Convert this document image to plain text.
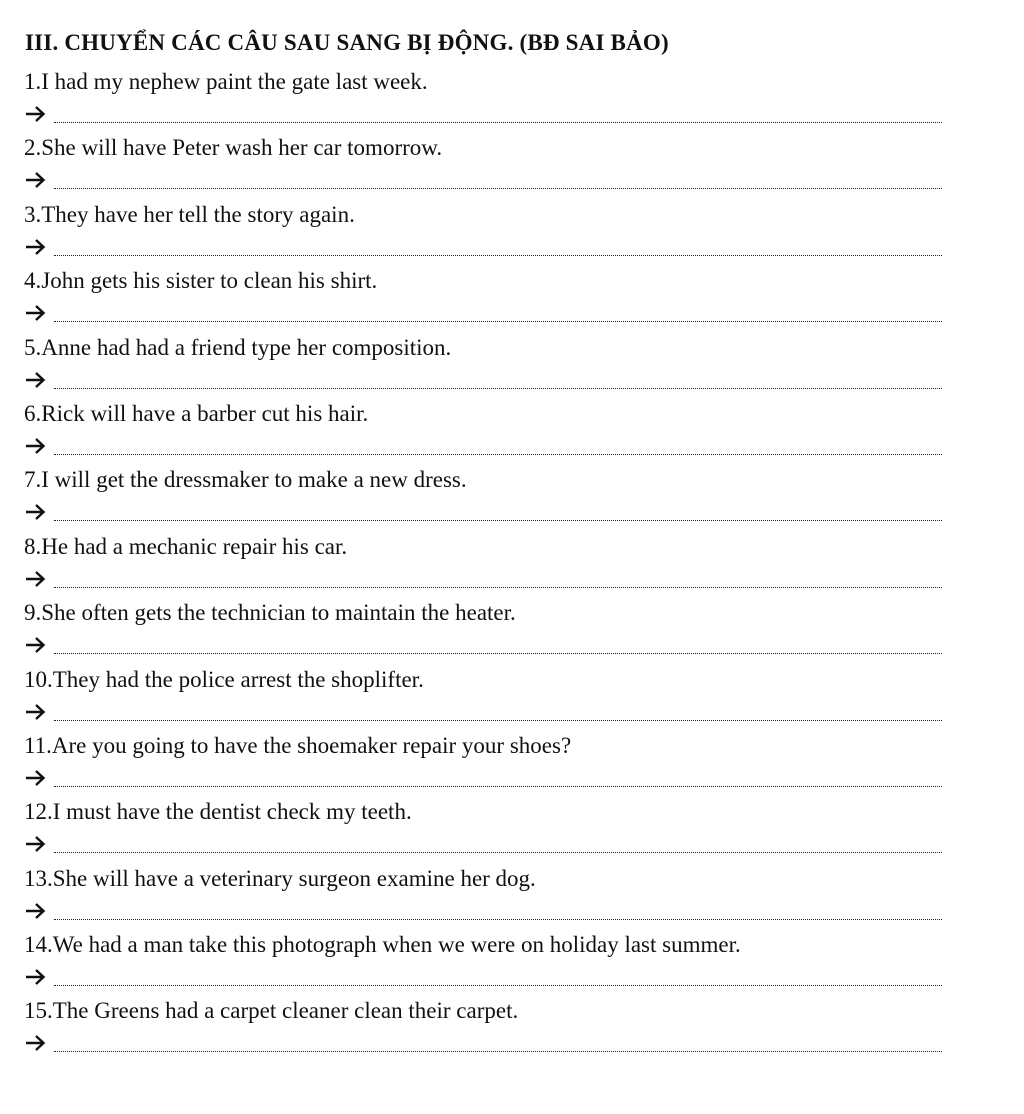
III. CHUYỂN CÁC CÂU SAU SANG BỊ ĐỘNG. (BĐ SAI BẢO)
1.I had my nephew paint the gate last week.
2.She will have Peter wash her car tomorrow.
3.They have her tell the story again.
4.John gets his sister to clean his shirt.
5.Anne had had a friend type her composition.
6.Rick will have a barber cut his hair.
7.I will get the dressmaker to make a new dress.
8.He had a mechanic repair his car.
9.She often gets the technician to maintain the heater.
10.They had the police arrest the shoplifter.
11.Are you going to have the shoemaker repair your shoes?
12.I must have the dentist check my teeth.
13.She will have a veterinary surgeon examine her dog.
14.We had a man take this photograph when we were on holiday last summer.
15.The Greens had a carpet cleaner clean their carpet.
